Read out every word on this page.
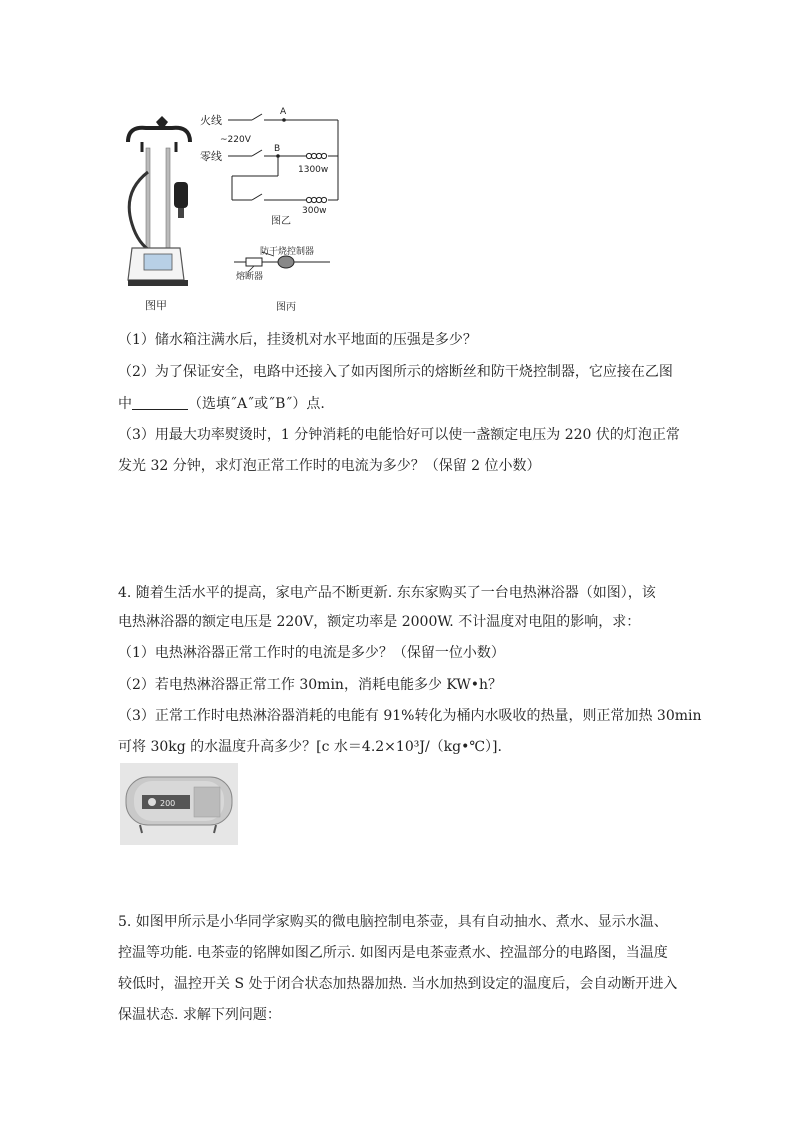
图甲
火线
~220V
零线
A
B
1300w
300w
图乙
防干烧控制器
熔断器
图丙
（1）储水箱注满水后，挂烫机对水平地面的压强是多少？
（2）为了保证安全，电路中还接入了如丙图所示的熔断丝和防干烧控制器，它应接在乙图
中	（选填˝A˝或˝B˝）点.
（3）用最大功率熨烫时，1 分钟消耗的电能恰好可以使一盏额定电压为 220 伏的灯泡正常
发光 32 分钟，求灯泡正常工作时的电流为多少？（保留 2 位小数）
4. 随着生活水平的提高，家电产品不断更新. 东东家购买了一台电热淋浴器（如图），该
电热淋浴器的额定电压是 220V，额定功率是 2000W. 不计温度对电阻的影响，求：
（1）电热淋浴器正常工作时的电流是多少？（保留一位小数）
（2）若电热淋浴器正常工作 30min，消耗电能多少 KW•h？
（3）正常工作时电热淋浴器消耗的电能有 91%转化为桶内水吸收的热量，则正常加热 30min
可将 30kg 的水温度升高多少？[c 水＝4.2×10³J/（kg•℃）].
200
5. 如图甲所示是小华同学家购买的微电脑控制电茶壶，具有自动抽水、煮水、显示水温、
控温等功能. 电茶壶的铭牌如图乙所示. 如图丙是电茶壶煮水、控温部分的电路图，当温度
较低时，温控开关 S 处于闭合状态加热器加热. 当水加热到设定的温度后，会自动断开进入
保温状态. 求解下列问题：
